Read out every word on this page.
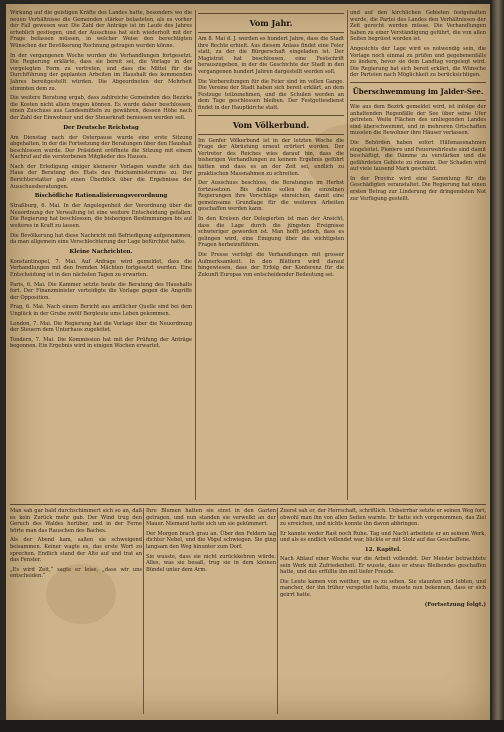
Wirkung auf die geistigen Kräfte des Landes hatte, besonders wo die neuen Verhältnisse die Gemeinden stärker belasteten, als es vorher der Fall gewesen war. Die Zahl der Anträge ist im Laufe des Jahres erheblich gestiegen, und der Ausschuss hat sich wiederholt mit der Frage befassen müssen, in welcher Weise den berechtigten Wünschen der Bevölkerung Rechnung getragen werden könne.

In der vergangenen Woche wurden die Verhandlungen fortgesetzt. Die Regierung erklärte, dass sie bereit sei, die Vorlage in der vorgelegten Form zu vertreten, und dass die Mittel für die Durchführung der geplanten Arbeiten im Haushalt des kommenden Jahres bereitgestellt würden. Die Abgeordneten der Mehrheit stimmten dem zu.

Die weitere Beratung ergab, dass zahlreiche Gemeinden des Bezirks die Kosten nicht allein tragen können. Es wurde daher beschlossen, einen Zuschuss aus Landesmitteln zu gewähren, dessen Höhe nach der Zahl der Einwohner und der Steuerkraft bemessen werden soll.

Der Deutsche Reichstag

Am Dienstag nach der Osterpause wurde eine erste Sitzung abgehalten, in der die Fortsetzung der Beratungen über den Haushalt beschlossen wurde. Der Präsident eröffnete die Sitzung mit einem Nachruf auf die verstorbenen Mitglieder des Hauses.

Nach der Erledigung einiger kleinerer Vorlagen wandte sich das Haus der Beratung des Etats des Reichsministeriums zu. Der Berichterstatter gab einen Überblick über die Ergebnisse der Ausschussberatungen.

Bischöfliche Rationalisierungsverordnung

Straßburg, 6. Mai. In der Angelegenheit der Verordnung über die Neuordnung der Verwaltung ist eine weitere Entscheidung gefallen. Die Regierung hat beschlossen, die bisherigen Bestimmungen bis auf weiteres in Kraft zu lassen.

Die Bevölkerung hat diese Nachricht mit Befriedigung aufgenommen, da man allgemein eine Verschlechterung der Lage befürchtet hatte.

Kleine Nachrichten.

Konstantinopel, 7. Mai. Auf Anfrage wird gemeldet, dass die Verhandlungen mit den fremden Mächten fortgesetzt werden. Eine Entscheidung ist in den nächsten Tagen zu erwarten.

Paris, 6. Mai. Die Kammer setzte heute die Beratung des Haushalts fort. Der Finanzminister verteidigte die Vorlage gegen die Angriffe der Opposition.

Prag, 6. Mai. Nach einem Bericht aus amtlicher Quelle sind bei dem Unglück in der Grube zwölf Bergleute ums Leben gekommen.

London, 7. Mai. Die Regierung hat die Vorlage über die Neuordnung der Steuern dem Unterhaus zugeleitet.

Tondern, 7. Mai. Die Kommission hat mit der Prüfung der Anträge begonnen. Ein Ergebnis wird in einigen Wochen erwartet.

Vom Jahr.

Am 8. Mai d. J. werden es hundert Jahre, dass die Stadt ihre Rechte erhielt. Aus diesem Anlass findet eine Feier statt, zu der die Bürgerschaft eingeladen ist. Der Magistrat hat beschlossen, eine Festschrift herauszugeben, in der die Geschichte der Stadt in den vergangenen hundert Jahren dargestellt werden soll.

Die Vorbereitungen für die Feier sind im vollen Gange. Die Vereine der Stadt haben sich bereit erklärt, an dem Festzuge teilzunehmen, und die Schulen werden an dem Tage geschlossen bleiben. Der Festgottesdienst findet in der Hauptkirche statt.

Vom Völkerbund.

Im Genfer Völkerbund ist in der letzten Woche die Frage der Abrüstung erneut erörtert worden. Der Vertreter des Reiches wies darauf hin, dass die bisherigen Verhandlungen zu keinem Ergebnis geführt hätten und dass es an der Zeit sei, endlich zu praktischen Massnahmen zu schreiten.

Der Ausschuss beschloss, die Beratungen im Herbst fortzusetzen. Bis dahin sollen die einzelnen Regierungen ihre Vorschläge einreichen, damit eine gemeinsame Grundlage für die weiteren Arbeiten geschaffen werden kann.

In den Kreisen der Delegierten ist man der Ansicht, dass die Lage durch die jüngsten Ereignisse schwieriger geworden ist. Man hofft jedoch, dass es gelingen wird, eine Einigung über die wichtigsten Fragen herbeizuführen.

Die Presse verfolgt die Verhandlungen mit grosser Aufmerksamkeit. In den Blättern wird darauf hingewiesen, dass der Erfolg der Konferenz für die Zukunft Europas von entscheidender Bedeutung sei.

und auf den kirchlichen Gebieten festgehalten wurde, die Partei des Landes den Verhältnissen der Zeit gerecht werden müsse. Die Verhandlungen haben zu einer Verständigung geführt, die von allen Seiten begrüsst worden ist.

Angesichts der Lage wird es notwendig sein, die Vorlage noch einmal zu prüfen und gegebenenfalls zu ändern, bevor sie dem Landtag vorgelegt wird. Die Regierung hat sich bereit erklärt, die Wünsche der Parteien nach Möglichkeit zu berücksichtigen.

Überschwemmung im Jalder-See.

Wie aus dem Bezirk gemeldet wird, ist infolge der anhaltenden Regenfälle der See über seine Ufer getreten. Weite Flächen des umliegenden Landes sind überschwemmt, und in mehreren Ortschaften mussten die Bewohner ihre Häuser verlassen.

Die Behörden haben sofort Hilfsmassnahmen eingeleitet. Pioniere und Feuerwehrleute sind damit beschäftigt, die Dämme zu verstärken und die gefährdeten Gebiete zu räumen. Der Schaden wird auf viele tausend Mark geschätzt.

In der Provinz wird eine Sammlung für die Geschädigten veranstaltet. Die Regierung hat einen ersten Betrag zur Linderung der dringendsten Not zur Verfügung gestellt.

Man sah gar bald durchschimmert sich so an, daß es kein Zurück mehr gab. Der Wind trug den Geruch des Waldes herüber, und in der Ferne hörte man das Rauschen des Baches.

Als der Abend kam, saßen sie schweigend beisammen. Keiner wagte es, das erste Wort zu sprechen. Endlich stand der Alte auf und trat an das Fenster.

„Es wird Zeit,“ sagte er leise, „dass wir uns entscheiden.“

Ihre Blumen hatten sie einst in den Garten getragen, und nun standen sie verwelkt an der Mauer. Niemand hatte sich um sie gekümmert.

Der Morgen brach grau an. Über den Feldern lag dichter Nebel, und die Vögel schwiegen. Sie ging langsam den Weg hinunter zum Dorf.

Sie wusste, dass sie nicht zurückkehren würde. Alles, was sie besaß, trug sie in dem kleinen Bündel unter dem Arm.

Zuerst sah er, der Herrschaft, schriftlich. Unbeirrbar setzte er seinen Weg fort, obwohl man ihn von allen Seiten warnte. Er hatte sich vorgenommen, das Ziel zu erreichen, und nichts konnte ihn davon abbringen.

Er kannte weder Rast noch Ruhe. Tag und Nacht arbeitete er an seinem Werk, und als es endlich vollendet war, blickte er mit Stolz auf das Geschaffene.

12. Kapitel.

Nach Ablauf einer Woche war die Arbeit vollendet. Der Meister betrachtete sein Werk mit Zufriedenheit. Er wusste, dass er etwas Bleibendes geschaffen hatte, und das erfüllte ihn mit tiefer Freude.

Die Leute kamen von weither, um es zu sehen. Sie staunten und lobten, und mancher, der ihn früher verspottet hatte, musste nun bekennen, dass er sich geirrt hatte.

(Fortsetzung folgt.)
